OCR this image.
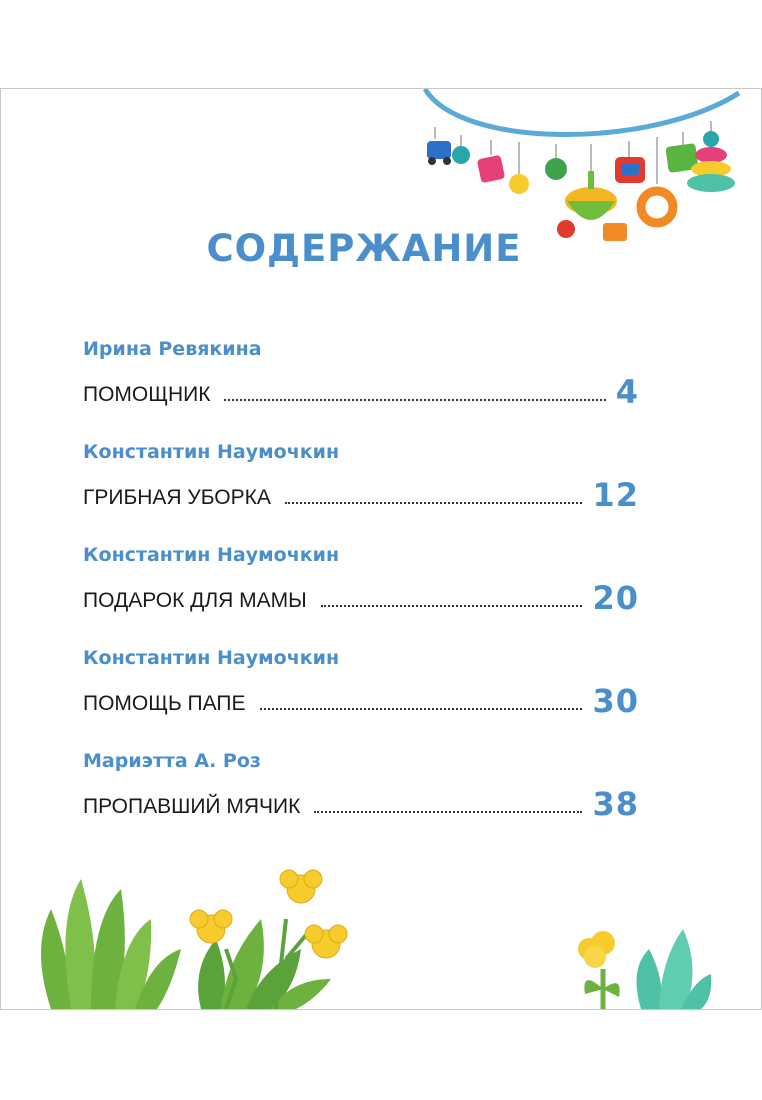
СОДЕРЖАНИЕ
Ирина Ревякина
ПОМОЩНИК	4
Константин Наумочкин
ГРИБНАЯ УБОРКА	12
Константин Наумочкин
ПОДАРОК ДЛЯ МАМЫ	20
Константин Наумочкин
ПОМОЩЬ ПАПЕ	30
Мариэтта А. Роз
ПРОПАВШИЙ МЯЧИК	38
